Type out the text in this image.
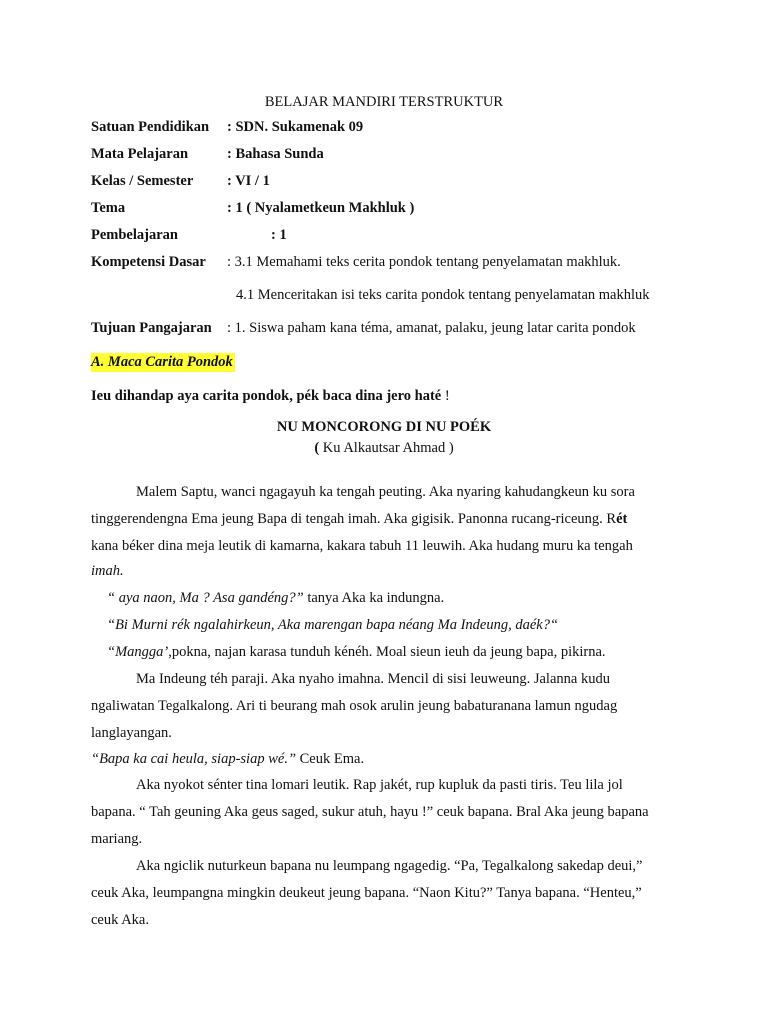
BELAJAR MANDIRI TERSTRUKTUR
Satuan Pendidikan : SDN. Sukamenak 09
Mata Pelajaran	: Bahasa Sunda
Kelas / Semester : VI / 1
Tema	: 1 ( Nyalametkeun Makhluk )
Pembelajaran	: 1
Kompetensi Dasar : 3.1 Memahami teks cerita pondok tentang penyelamatan makhluk.
4.1 Menceritakan isi teks carita pondok tentang penyelamatan makhluk
Tujuan Pangajaran : 1. Siswa paham kana téma, amanat, palaku, jeung latar carita pondok
A. Maca Carita Pondok
Ieu dihandap aya carita pondok, pék baca dina jero haté !
NU MONCORONG DI NU POÉK
( Ku Alkautsar Ahmad )
Malem Saptu, wanci ngagayuh ka tengah peuting. Aka nyaring kahudangkeun ku sora
tinggerendengna Ema jeung Bapa di tengah imah. Aka gigisik. Panonna rucang-riceung. Rét
kana béker dina meja leutik di kamarna, kakara tabuh 11 leuwih. Aka hudang muru ka tengah
imah.
“ aya naon, Ma ? Asa gandéng?” tanya Aka ka indungna.
“Bi Murni rék ngalahirkeun, Aka marengan bapa néang Ma Indeung, daék?“
“Mangga’,pokna, najan karasa tunduh kénéh. Moal sieun ieuh da jeung bapa, pikirna.
Ma Indeung téh paraji. Aka nyaho imahna. Mencil di sisi leuweung. Jalanna kudu
ngaliwatan Tegalkalong. Ari ti beurang mah osok arulin jeung babaturanana lamun ngudag
langlayangan.
“Bapa ka cai heula, siap-siap wé.” Ceuk Ema.
Aka nyokot sénter tina lomari leutik. Rap jakét, rup kupluk da pasti tiris. Teu lila jol
bapana. “ Tah geuning Aka geus saged, sukur atuh, hayu !” ceuk bapana. Bral Aka jeung bapana
mariang.
Aka ngiclik nuturkeun bapana nu leumpang ngagedig. “Pa, Tegalkalong sakedap deui,”
ceuk Aka, leumpangna mingkin deukeut jeung bapana. “Naon Kitu?” Tanya bapana. “Henteu,”
ceuk Aka.
